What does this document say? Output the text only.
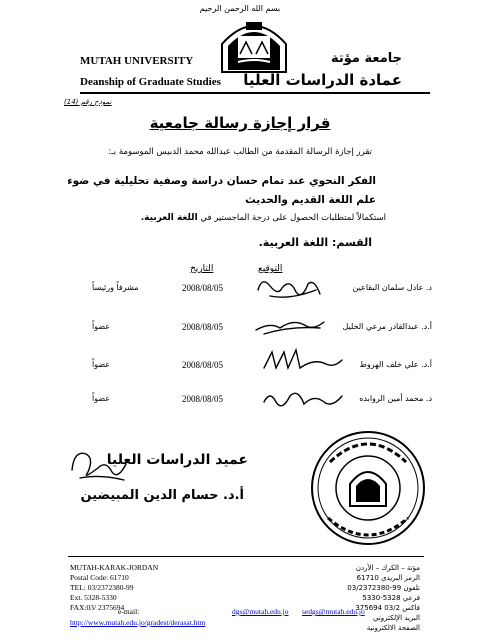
بسم الله الرحمن الرحيم
MUTAH UNIVERSITY
Deanship of Graduate Studies
جامعة مؤتة
عمادة الدراسات العليا
نموذج رقم (14)
قرار إجازة رسالة جامعية
تقرر إجازة الرسالة المقدمة من الطالب عبدالله محمد الدبيس الموسومة بـ:
الفكر النحوي عند تمام حسان دراسة وصفية تحليلية في ضوء علم اللغة القديم والحديث
استكمالاً لمتطلبات الحصول على درجة الماجستير في اللغة العربية.
القسم: اللغة العربية.
التوقيع
التاريخ
د. عادل سلمان البقاعين
2008/08/05
مشرفاً ورئيساً
أ.د. عبدالقادر مرعي الخليل
2008/08/05
عضواً
أ.د. علي خلف الهروط
2008/08/05
عضواً
د. محمد أمين الروابده
2008/08/05
عضواً
عميد الدراسات العليا
أ.د. حسام الدين المبيضين
MUTAH-KARAK-JORDAN
Postal Code: 61710
TEL: 03/2372380-99
Ext. 5328-5330
FAX:03/ 2375694
e-mail:	dgs@mutah.edu.jo sedgs@mutah.edu.jo
http://www.mutah.edu.jo/gradest/derasat.htm
مؤتة – الكرك – الأردن
الرمز البريدي 61710
تلفون 99-03/2372380
فرعي 5328-5330
فاكس 03/2 375694
البريد الإلكتروني
الصفحة الالكترونية
